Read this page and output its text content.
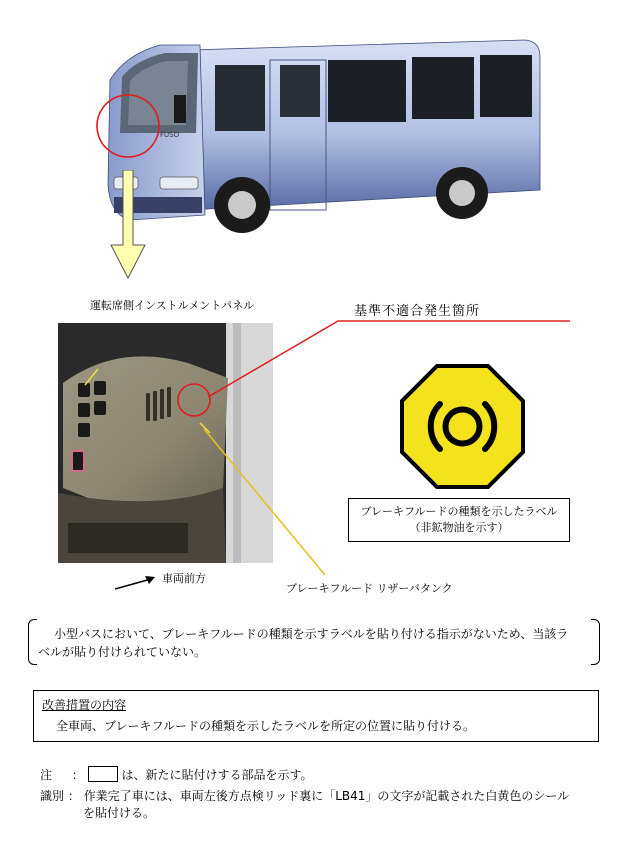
FUSO
運転席側インストルメントパネル	基準不適合発生箇所
ブレーキフルードの種類を示したラベル
（非鉱物油を示す）
車両前方
ブレーキフルード リザーバタンク
小型バスにおいて、ブレーキフルードの種類を示すラベルを貼り付ける指示がないため、当該ラ
ベルが貼り付けられていない。
改善措置の内容
全車両、ブレーキフルードの種類を示したラベルを所定の位置に貼り付ける。
注 ：	は、新たに貼付けする部品を示す。
識別 ： 作業完了車には、車両左後方点検リッド裏に「LB41」の文字が記載された白黄色のシール
を貼付ける。
